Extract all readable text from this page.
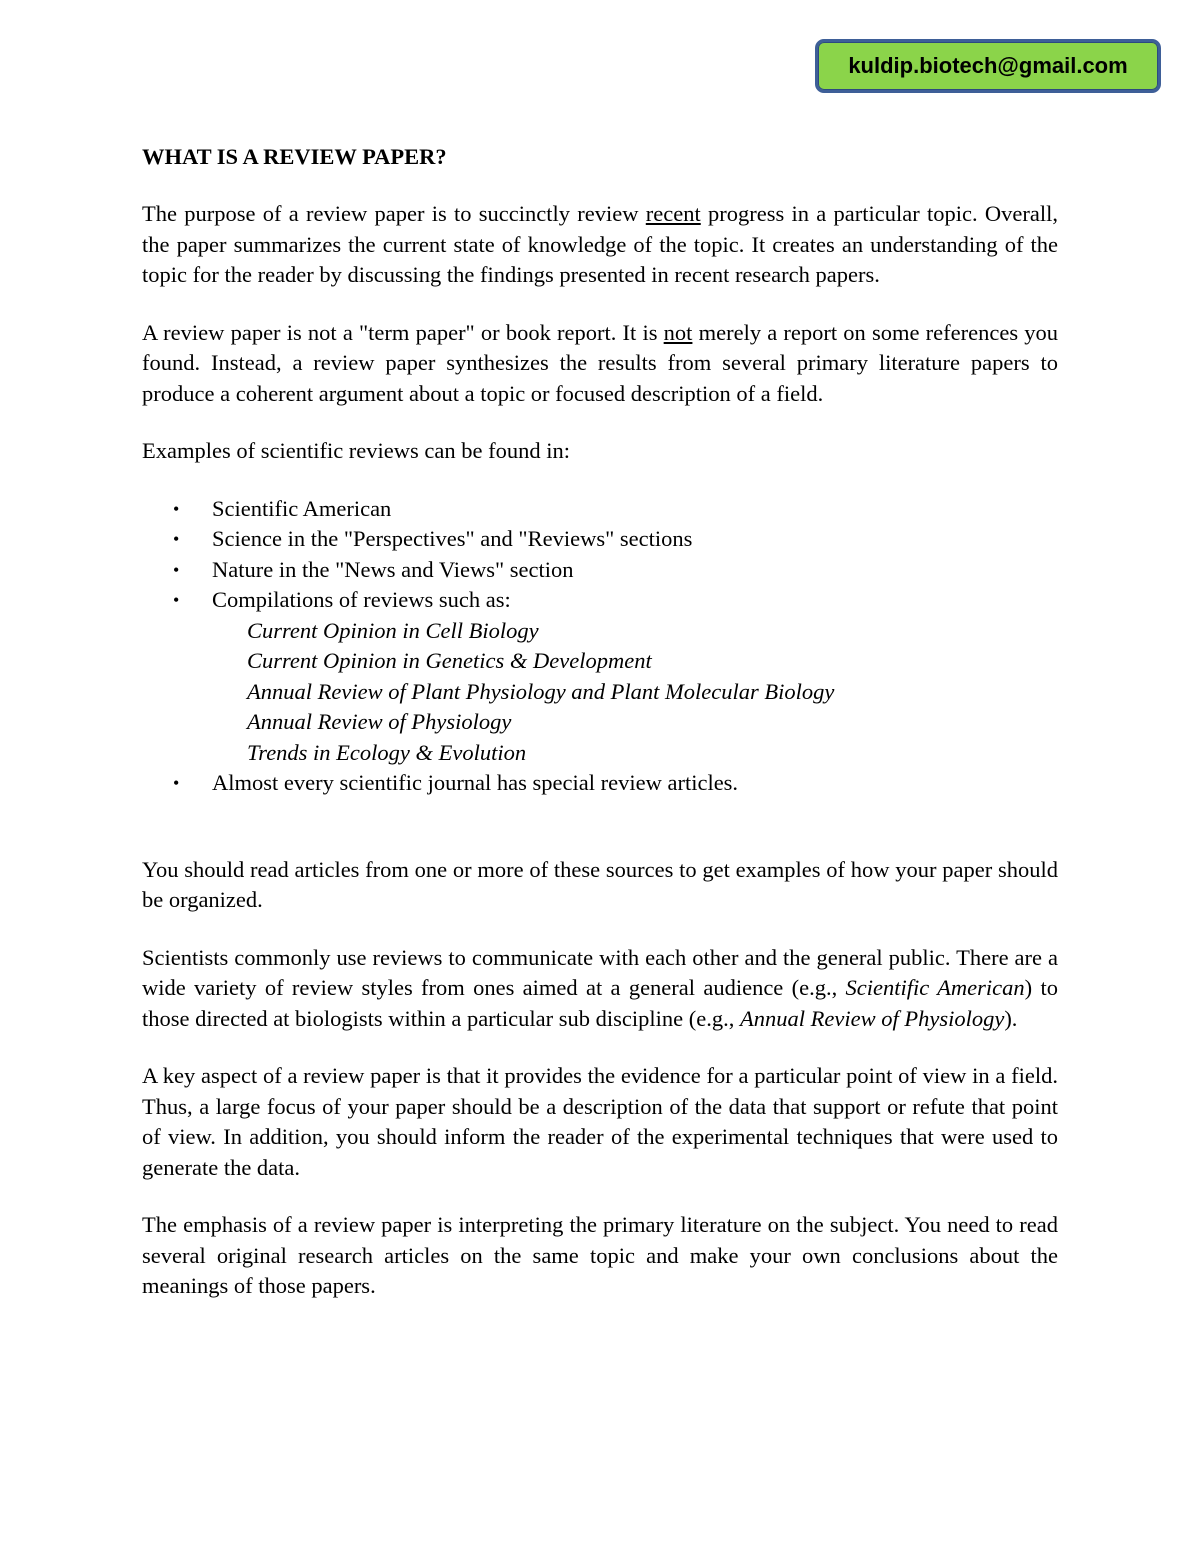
kuldip.biotech@gmail.com
WHAT IS A REVIEW PAPER?

The purpose of a review paper is to succinctly review recent progress in a particular topic. Overall, the paper summarizes the current state of knowledge of the topic. It creates an understanding of the topic for the reader by discussing the findings presented in recent research papers.

A review paper is not a "term paper" or book report. It is not merely a report on some references you found. Instead, a review paper synthesizes the results from several primary literature papers to produce a coherent argument about a topic or focused description of a field.

Examples of scientific reviews can be found in:

• Scientific American
• Science in the "Perspectives" and "Reviews" sections
• Nature in the "News and Views" section
• Compilations of reviews such as:
Current Opinion in Cell Biology
Current Opinion in Genetics & Development
Annual Review of Plant Physiology and Plant Molecular Biology
Annual Review of Physiology
Trends in Ecology & Evolution
• Almost every scientific journal has special review articles.

You should read articles from one or more of these sources to get examples of how your paper should be organized.

Scientists commonly use reviews to communicate with each other and the general public. There are a wide variety of review styles from ones aimed at a general audience (e.g., Scientific American) to those directed at biologists within a particular sub discipline (e.g., Annual Review of Physiology).

A key aspect of a review paper is that it provides the evidence for a particular point of view in a field. Thus, a large focus of your paper should be a description of the data that support or refute that point of view. In addition, you should inform the reader of the experimental techniques that were used to generate the data.

The emphasis of a review paper is interpreting the primary literature on the subject. You need to read several original research articles on the same topic and make your own conclusions about the meanings of those papers.
